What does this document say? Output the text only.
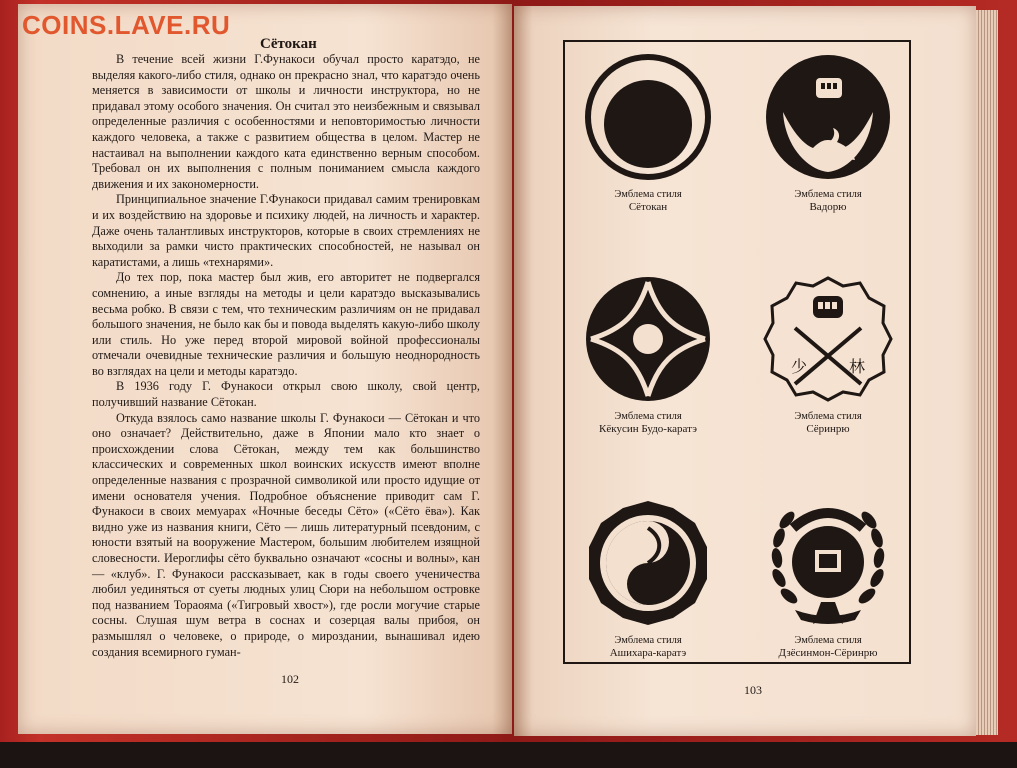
COINS.LAVE.RU
Сётокан

В течение всей жизни Г.Фунакоси обучал просто каратэдо, не выделяя какого-либо стиля, однако он прекрасно знал, что каратэдо очень меняется в зависимости от школы и личности инструктора, но не придавал этому особого значения. Он считал это неизбежным и связывал определенные различия с особенностями и неповторимостью личности каждого человека, а также с развитием общества в целом. Мастер не настаивал на выполнении каждого ката единственно верным способом. Требовал он их выполнения с полным пониманием смысла каждого движения и их закономерности.

Принципиальное значение Г.Фунакоси придавал самим тренировкам и их воздействию на здоровье и психику людей, на личность и характер. Даже очень талантливых инструкторов, которые в своих стремлениях не выходили за рамки чисто практических способностей, не называл он каратистами, а лишь «технарями».

До тех пор, пока мастер был жив, его авторитет не подвергался сомнению, а иные взгляды на методы и цели каратэдо высказывались весьма робко. В связи с тем, что техническим различиям он не придавал большого значения, не было как бы и повода выделять какую-либо школу или стиль. Но уже перед второй мировой войной профессионалы отмечали очевидные технические различия и большую неоднородность во взглядах на цели и методы каратэдо.

В 1936 году Г. Фунакоси открыл свою школу, свой центр, получивший название Сётокан.

Откуда взялось само название школы Г. Фунакоси — Сётокан и что оно означает? Действительно, даже в Японии мало кто знает о происхождении слова Сётокан, между тем как большинство классических и современных школ воинских искусств имеют вполне определенные названия с прозрачной символикой или просто идущие от имени основателя учения. Подробное объяснение приводит сам Г. Фунакоси в своих мемуарах «Ночные беседы Сёто» («Сёто ёва»). Как видно уже из названия книги, Сёто — лишь литературный псевдоним, с юности взятый на вооружение Мастером, большим любителем изящной словесности. Иероглифы сёто буквально означают «сосны и волны», кан — «клуб». Г. Фунакоси рассказывает, как в годы своего ученичества любил уединяться от суеты людных улиц Сюри на небольшом островке под названием Тораояма («Тигровый хвост»), где росли могучие старые сосны. Слушая шум ветра в соснах и созерцая валы прибоя, он размышлял о человеке, о природе, о мироздании, вынашивал идею создания всемирного гуман-

102
Эмблема стиля
Сётокан
Эмблема стиля
Вадорю
Эмблема стиля
Кёкусин Будо-каратэ
少	林
Эмблема стиля
Сёринрю
Эмблема стиля
Ашихара-каратэ
Эмблема стиля
Дзёсинмон-Сёринрю
103
